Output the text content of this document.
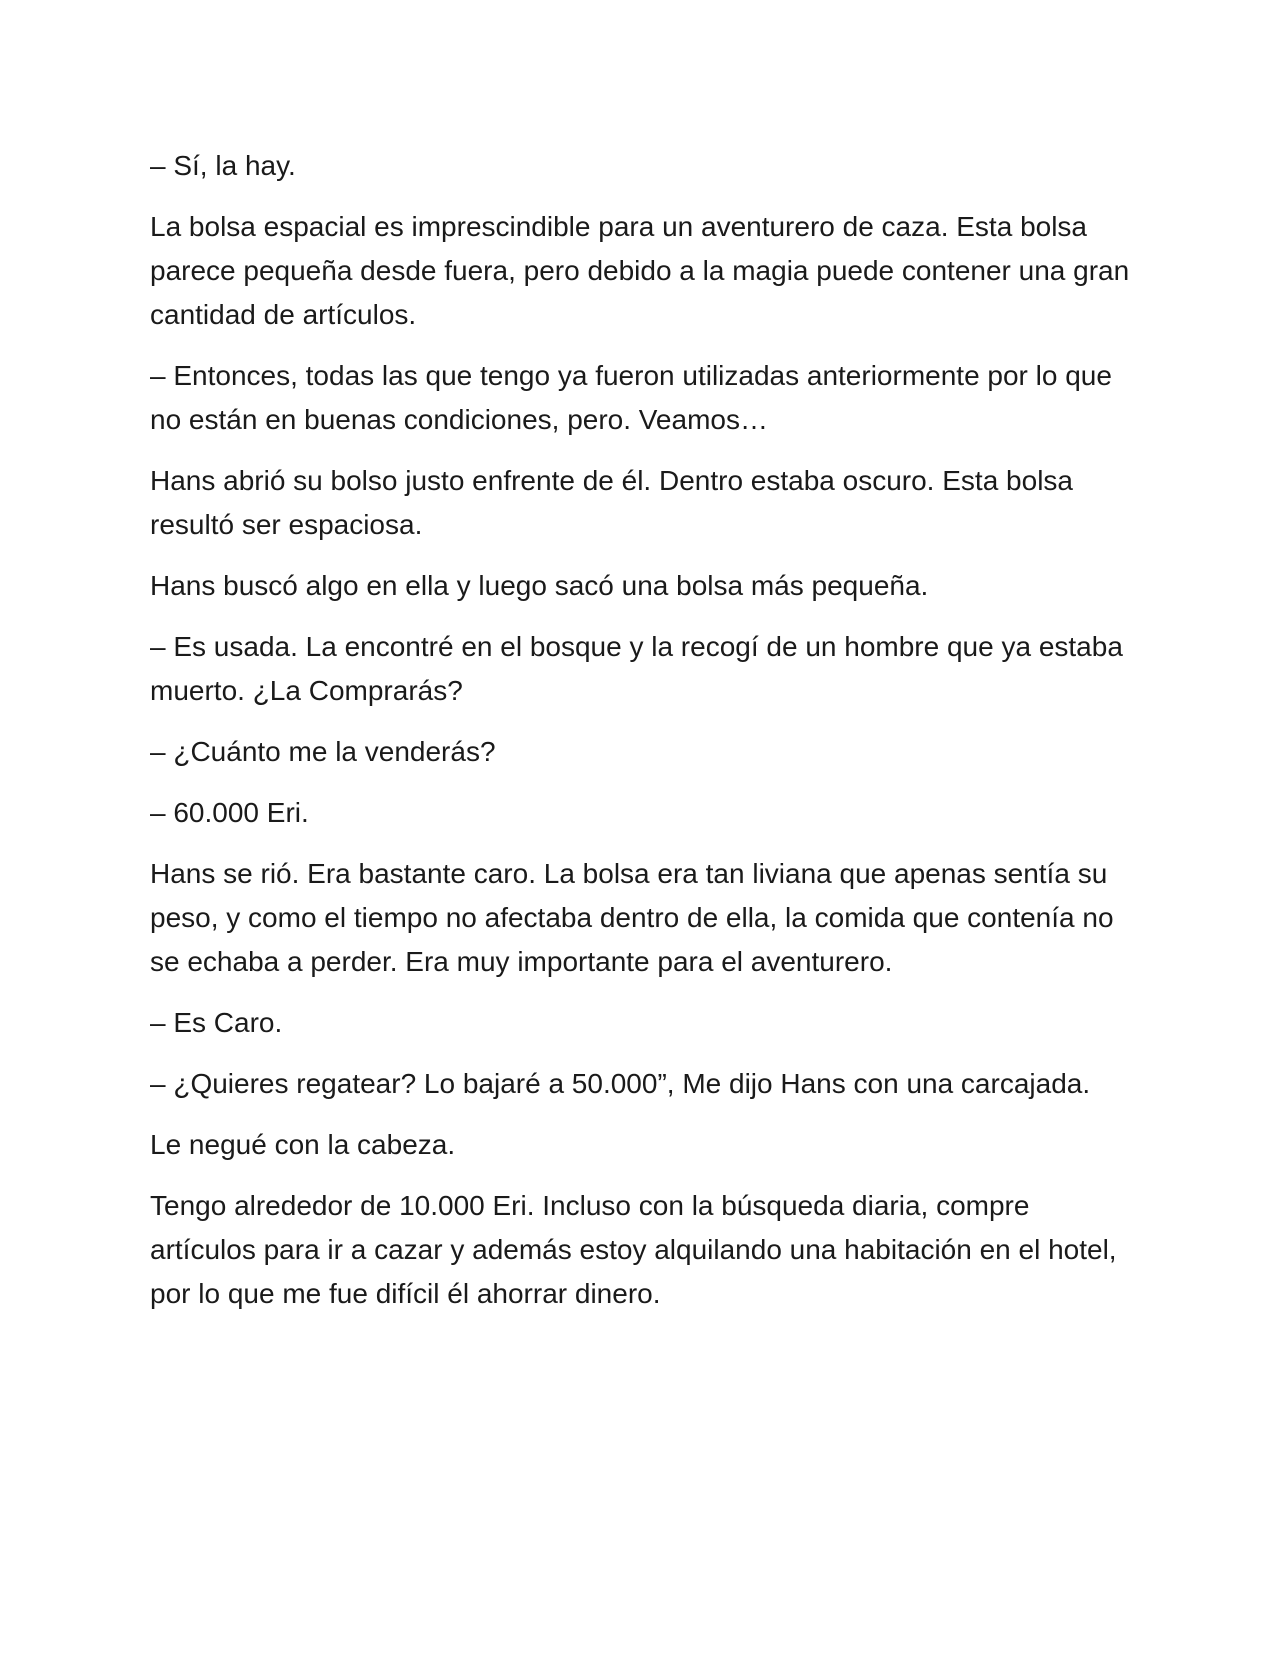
– Sí, la hay.

La bolsa espacial es imprescindible para un aventurero de caza. Esta bolsa parece pequeña desde fuera, pero debido a la magia puede contener una gran cantidad de artículos.

– Entonces, todas las que tengo ya fueron utilizadas anteriormente por lo que no están en buenas condiciones, pero. Veamos…

Hans abrió su bolso justo enfrente de él. Dentro estaba oscuro. Esta bolsa resultó ser espaciosa.

Hans buscó algo en ella y luego sacó una bolsa más pequeña.

– Es usada. La encontré en el bosque y la recogí de un hombre que ya estaba muerto. ¿La Comprarás?

– ¿Cuánto me la venderás?

– 60.000 Eri.

Hans se rió. Era bastante caro. La bolsa era tan liviana que apenas sentía su peso, y como el tiempo no afectaba dentro de ella, la comida que contenía no se echaba a perder. Era muy importante para el aventurero.

– Es Caro.

– ¿Quieres regatear? Lo bajaré a 50.000”, Me dijo Hans con una carcajada.

Le negué con la cabeza.

Tengo alrededor de 10.000 Eri. Incluso con la búsqueda diaria, compre artículos para ir a cazar y además estoy alquilando una habitación en el hotel, por lo que me fue difícil él ahorrar dinero.
